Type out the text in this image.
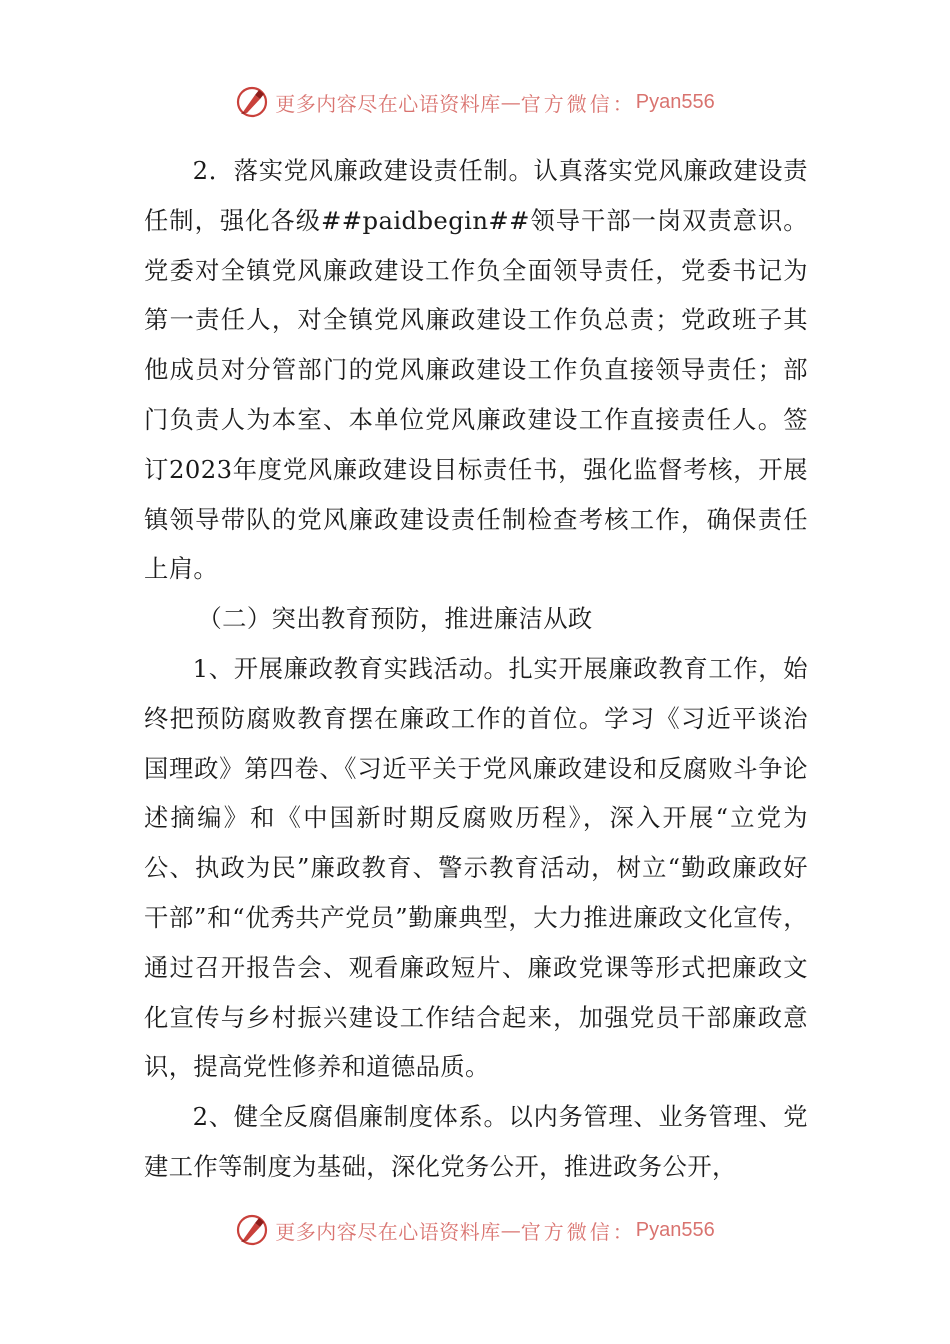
更多内容尽在心语资料库 — 官方微信： Pyan556

2．落实党风廉政建设责任制。认真落实党风廉政建设责任制，强化各级##paidbegin##领导干部一岗双责意识。党委对全镇党风廉政建设工作负全面领导责任，党委书记为第一责任人，对全镇党风廉政建设工作负总责；党政班子其他成员对分管部门的党风廉政建设工作负直接领导责任；部门负责人为本室、本单位党风廉政建设工作直接责任人。签订2023年度党风廉政建设目标责任书，强化监督考核，开展镇领导带队的党风廉政建设责任制检查考核工作，确保责任上肩。

（二）突出教育预防，推进廉洁从政

1、开展廉政教育实践活动。扎实开展廉政教育工作，始终把预防腐败教育摆在廉政工作的首位。学习《习近平谈治国理政》第四卷、《习近平关于党风廉政建设和反腐败斗争论述摘编》和《中国新时期反腐败历程》，深入开展“立党为公、执政为民”廉政教育、警示教育活动，树立“勤政廉政好干部”和“优秀共产党员”勤廉典型，大力推进廉政文化宣传，通过召开报告会、观看廉政短片、廉政党课等形式把廉政文化宣传与乡村振兴建设工作结合起来，加强党员干部廉政意识，提高党性修养和道德品质。

2、健全反腐倡廉制度体系。以内务管理、业务管理、党建工作等制度为基础，深化党务公开，推进政务公开，

更多内容尽在心语资料库 — 官方微信： Pyan556
